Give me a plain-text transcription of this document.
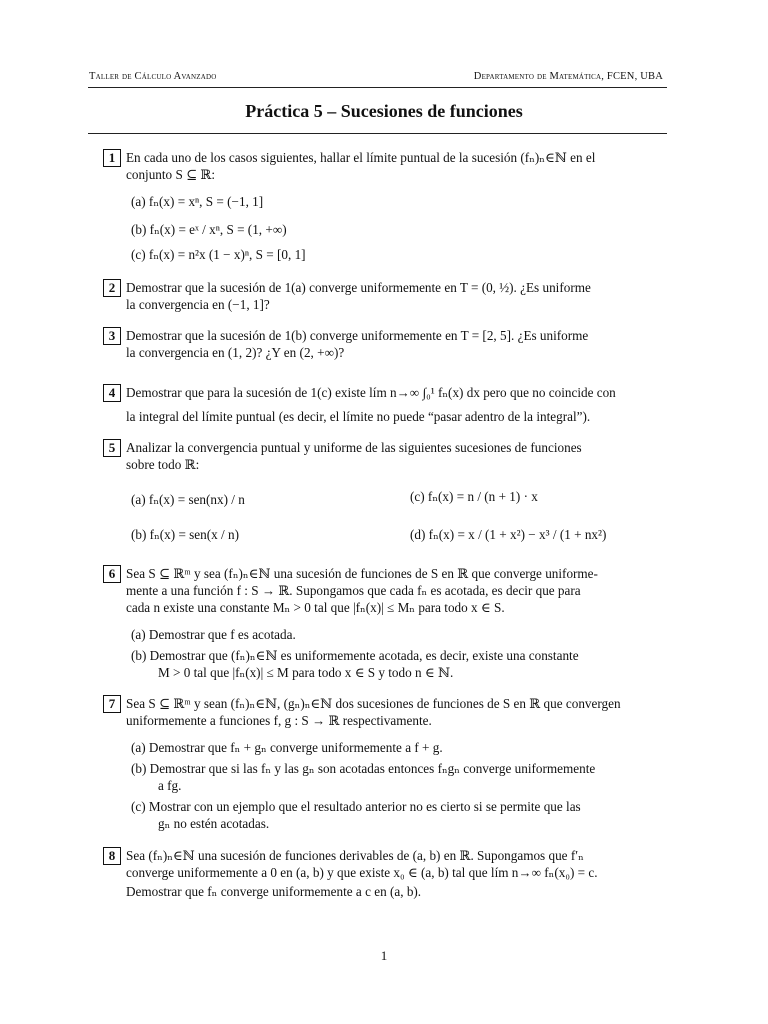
Taller de Cálculo Avanzado	Departamento de Matemática, FCEN, UBA
Práctica 5 – Sucesiones de funciones
1 En cada uno de los casos siguientes, hallar el límite puntual de la sucesión (fₙ)ₙ∈ℕ en el
conjunto S ⊆ ℝ:
(a) fₙ(x) = xⁿ, S = (−1, 1]
(b) fₙ(x) = eˣ / xⁿ, S = (1, +∞)
(c) fₙ(x) = n²x (1 − x)ⁿ, S = [0, 1]
2 Demostrar que la sucesión de 1(a) converge uniformemente en T = (0, ½). ¿Es uniforme
la convergencia en (−1, 1]?
3 Demostrar que la sucesión de 1(b) converge uniformemente en T = [2, 5]. ¿Es uniforme
la convergencia en (1, 2)? ¿Y en (2, +∞)?
4 Demostrar que para la sucesión de 1(c) existe lím n→∞ ∫₀¹ fₙ(x) dx pero que no coincide con
la integral del límite puntual (es decir, el límite no puede “pasar adentro de la integral”).
5 Analizar la convergencia puntual y uniforme de las siguientes sucesiones de funciones
sobre todo ℝ:
(a) fₙ(x) = sen(nx) / n
(b) fₙ(x) = sen(x / n)
(c) fₙ(x) = n / (n + 1) · x
(d) fₙ(x) = x / (1 + x²) − x³ / (1 + nx²)
6 Sea S ⊆ ℝᵐ y sea (fₙ)ₙ∈ℕ una sucesión de funciones de S en ℝ que converge uniforme-
mente a una función f : S → ℝ. Supongamos que cada fₙ es acotada, es decir que para
cada n existe una constante Mₙ > 0 tal que |fₙ(x)| ≤ Mₙ para todo x ∈ S.
(a) Demostrar que f es acotada.
(b) Demostrar que (fₙ)ₙ∈ℕ es uniformemente acotada, es decir, existe una constante
M > 0 tal que |fₙ(x)| ≤ M para todo x ∈ S y todo n ∈ ℕ.
7 Sea S ⊆ ℝᵐ y sean (fₙ)ₙ∈ℕ, (gₙ)ₙ∈ℕ dos sucesiones de funciones de S en ℝ que convergen
uniformemente a funciones f, g : S → ℝ respectivamente.
(a) Demostrar que fₙ + gₙ converge uniformemente a f + g.
(b) Demostrar que si las fₙ y las gₙ son acotadas entonces fₙgₙ converge uniformemente
a fg.
(c) Mostrar con un ejemplo que el resultado anterior no es cierto si se permite que las
gₙ no estén acotadas.
8 Sea (fₙ)ₙ∈ℕ una sucesión de funciones derivables de (a, b) en ℝ. Supongamos que f′ₙ
converge uniformemente a 0 en (a, b) y que existe x₀ ∈ (a, b) tal que lím n→∞ fₙ(x₀) = c.
Demostrar que fₙ converge uniformemente a c en (a, b).
1
